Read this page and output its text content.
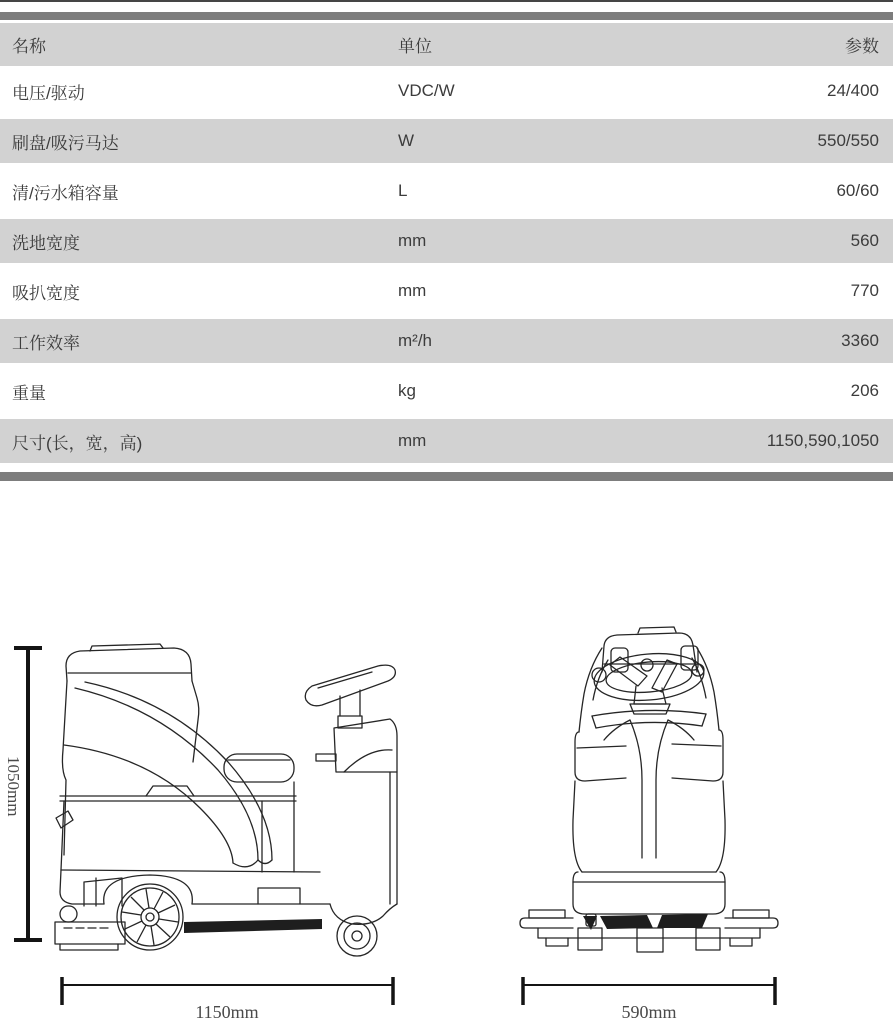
名称	单位	参数
电压/驱动	VDC/W	24/400
刷盘/吸污马达	W	550/550
清/污水箱容量	L	60/60
洗地宽度	mm	560
吸扒宽度	mm	770
工作效率	m²/h	3360
重量	kg	206
尺寸(长，宽，高)	mm	1150,590,1050
1050mm
1150mm	590mm
